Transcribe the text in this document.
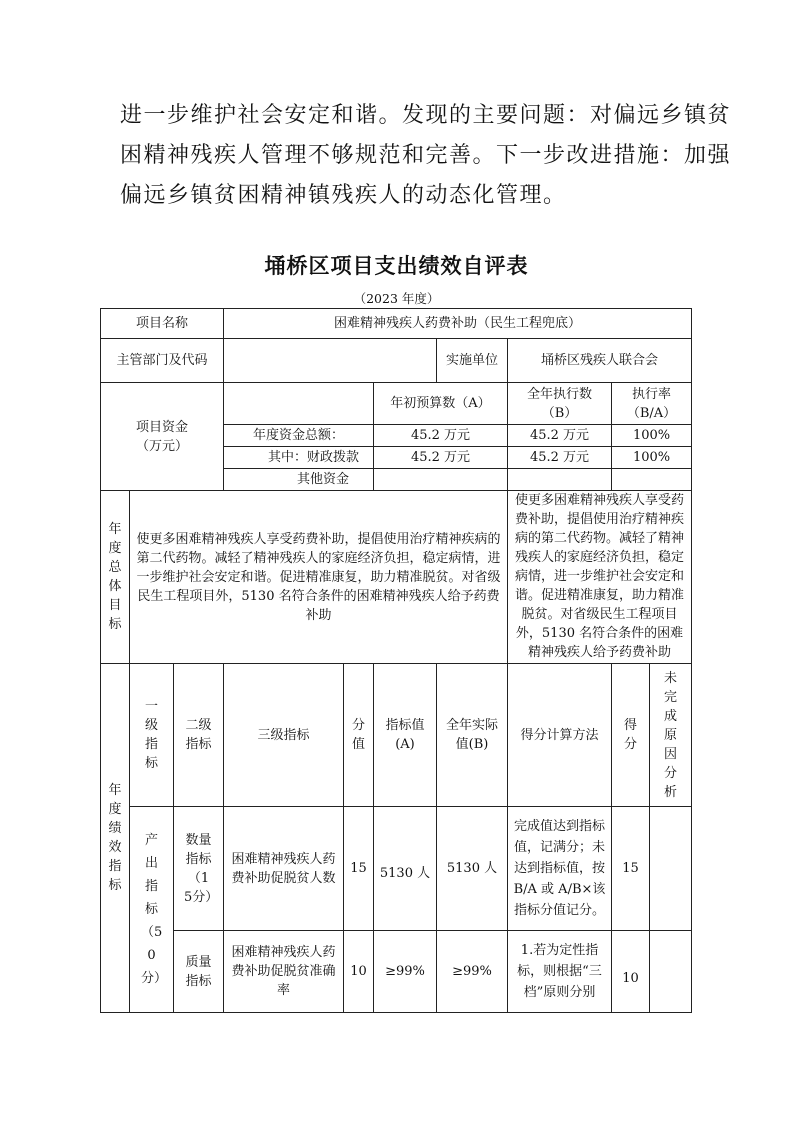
进一步维护社会安定和谐。发现的主要问题：对偏远乡镇贫
困精神残疾人管理不够规范和完善。下一步改进措施：加强
偏远乡镇贫困精神镇残疾人的动态化管理。
埇桥区项目支出绩效自评表
（2023 年度）
项目名称			困难精神残疾人药费补助（民生工程兜底）						
主管部门及代码						实施单位	埇桥区残疾人联合会		
项目资金（万元）					年初预算数（A）		全年执行数（B）	执行率（B/A）	
			年度资金总额：		45.2 万元		45.2 万元	100%	
			其中：财政拨款		45.2 万元		45.2 万元	100%	
			其他资金						
年度总体目标	使更多困难精神残疾人享受药费补助，提倡使用治疗精神疾病的第二代药物。减轻了精神残疾人的家庭经济负担，稳定病情，进一步维护社会安定和谐。促进精准康复，助力精准脱贫。对省级民生工程项目外，5130 名符合条件的困难精神残疾人给予药费补助						使更多困难精神残疾人享受药费补助，提倡使用治疗精神疾病的第二代药物。减轻了精神残疾人的家庭经济负担，稳定病情，进一步维护社会安定和谐。促进精准康复，助力精准脱贫。对省级民生工程项目外，5130 名符合条件的困难精神残疾人给予药费补助		
年度绩效指标	一级指标	二级指标	三级指标	分值	指标值(A)	全年实际值(B)	得分计算方法	得分	未完成原因分析
	产出指标（50分）	数量指标（15分）	困难精神残疾人药费补助促脱贫人数	15	5130 人	5130 人	完成值达到指标值，记满分；未达到指标值，按 B/A 或 A/B×该指标分值记分。	15	
		质量指标	困难精神残疾人药费补助促脱贫准确率	10	≥99%	≥99%	1.若为定性指标，则根据“三档”原则分别	10	
